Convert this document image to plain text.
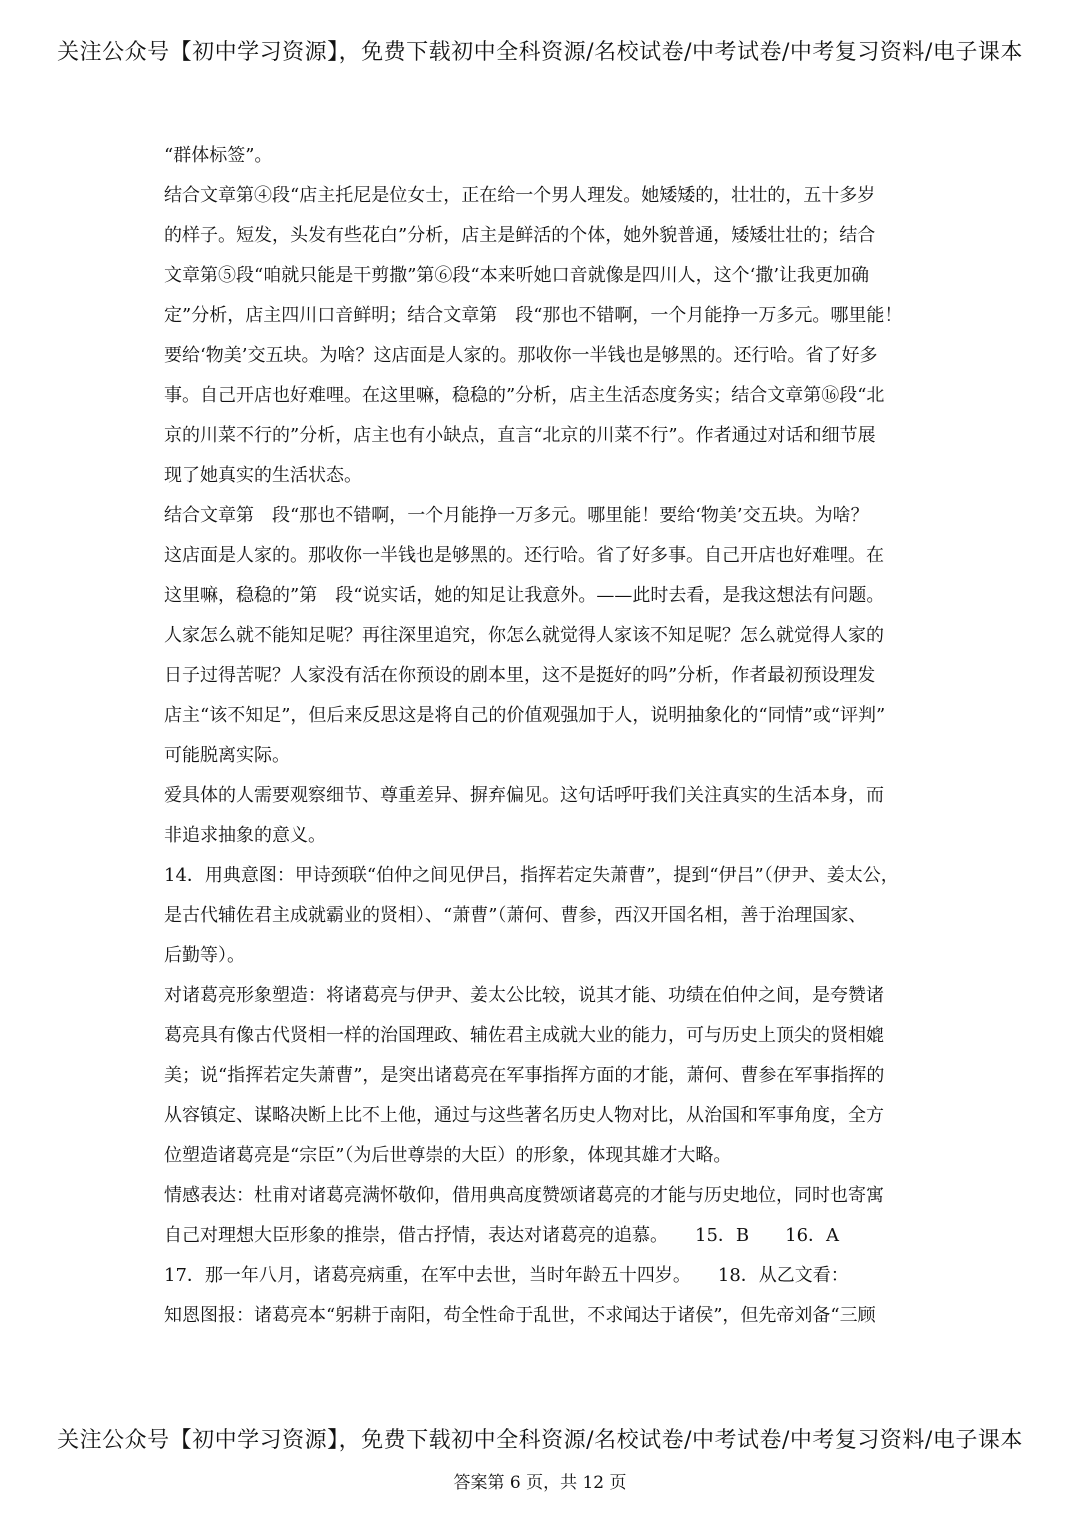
关注公众号【初中学习资源】，免费下载初中全科资源/名校试卷/中考试卷/中考复习资料/电子课本
“群体标签”。
结合文章第④段“店主托尼是位女士，正在给一个男人理发。她矮矮的，壮壮的，五十多岁
的样子。短发，头发有些花白”分析，店主是鲜活的个体，她外貌普通，矮矮壮壮的；结合
文章第⑤段“咱就只能是干剪撒”第⑥段“本来听她口音就像是四川人，这个‘撒’让我更加确
定”分析，店主四川口音鲜明；结合文章第　段“那也不错啊，一个月能挣一万多元。哪里能！
要给‘物美’交五块。为啥？这店面是人家的。那收你一半钱也是够黑的。还行哈。省了好多
事。自己开店也好难哩。在这里嘛，稳稳的”分析，店主生活态度务实；结合文章第⑯段“北
京的川菜不行的”分析，店主也有小缺点，直言“北京的川菜不行”。作者通过对话和细节展
现了她真实的生活状态。
结合文章第　段“那也不错啊，一个月能挣一万多元。哪里能！要给‘物美’交五块。为啥？
这店面是人家的。那收你一半钱也是够黑的。还行哈。省了好多事。自己开店也好难哩。在
这里嘛，稳稳的”第　段“说实话，她的知足让我意外。——此时去看，是我这想法有问题。
人家怎么就不能知足呢？再往深里追究，你怎么就觉得人家该不知足呢？怎么就觉得人家的
日子过得苦呢？人家没有活在你预设的剧本里，这不是挺好的吗”分析，作者最初预设理发
店主“该不知足”，但后来反思这是将自己的价值观强加于人，说明抽象化的“同情”或“评判”
可能脱离实际。
爱具体的人需要观察细节、尊重差异、摒弃偏见。这句话呼吁我们关注真实的生活本身，而
非追求抽象的意义。
14．用典意图：甲诗颈联“伯仲之间见伊吕，指挥若定失萧曹”，提到“伊吕”（伊尹、姜太公，
是古代辅佐君主成就霸业的贤相）、“萧曹”（萧何、曹参，西汉开国名相，善于治理国家、
后勤等）。
对诸葛亮形象塑造：将诸葛亮与伊尹、姜太公比较，说其才能、功绩在伯仲之间，是夸赞诸
葛亮具有像古代贤相一样的治国理政、辅佐君主成就大业的能力，可与历史上顶尖的贤相媲
美；说“指挥若定失萧曹”，是突出诸葛亮在军事指挥方面的才能，萧何、曹参在军事指挥的
从容镇定、谋略决断上比不上他，通过与这些著名历史人物对比，从治国和军事角度，全方
位塑造诸葛亮是“宗臣”（为后世尊崇的大臣）的形象，体现其雄才大略。
情感表达：杜甫对诸葛亮满怀敬仰，借用典高度赞颂诸葛亮的才能与历史地位，同时也寄寓
自己对理想大臣形象的推崇，借古抒情，表达对诸葛亮的追慕。　　15．B　　16．A
17．那一年八月，诸葛亮病重，在军中去世，当时年龄五十四岁。　　18．从乙文看：
知恩图报：诸葛亮本“躬耕于南阳，苟全性命于乱世，不求闻达于诸侯”，但先帝刘备“三顾
关注公众号【初中学习资源】，免费下载初中全科资源/名校试卷/中考试卷/中考复习资料/电子课本
答案第 6 页，共 12 页
